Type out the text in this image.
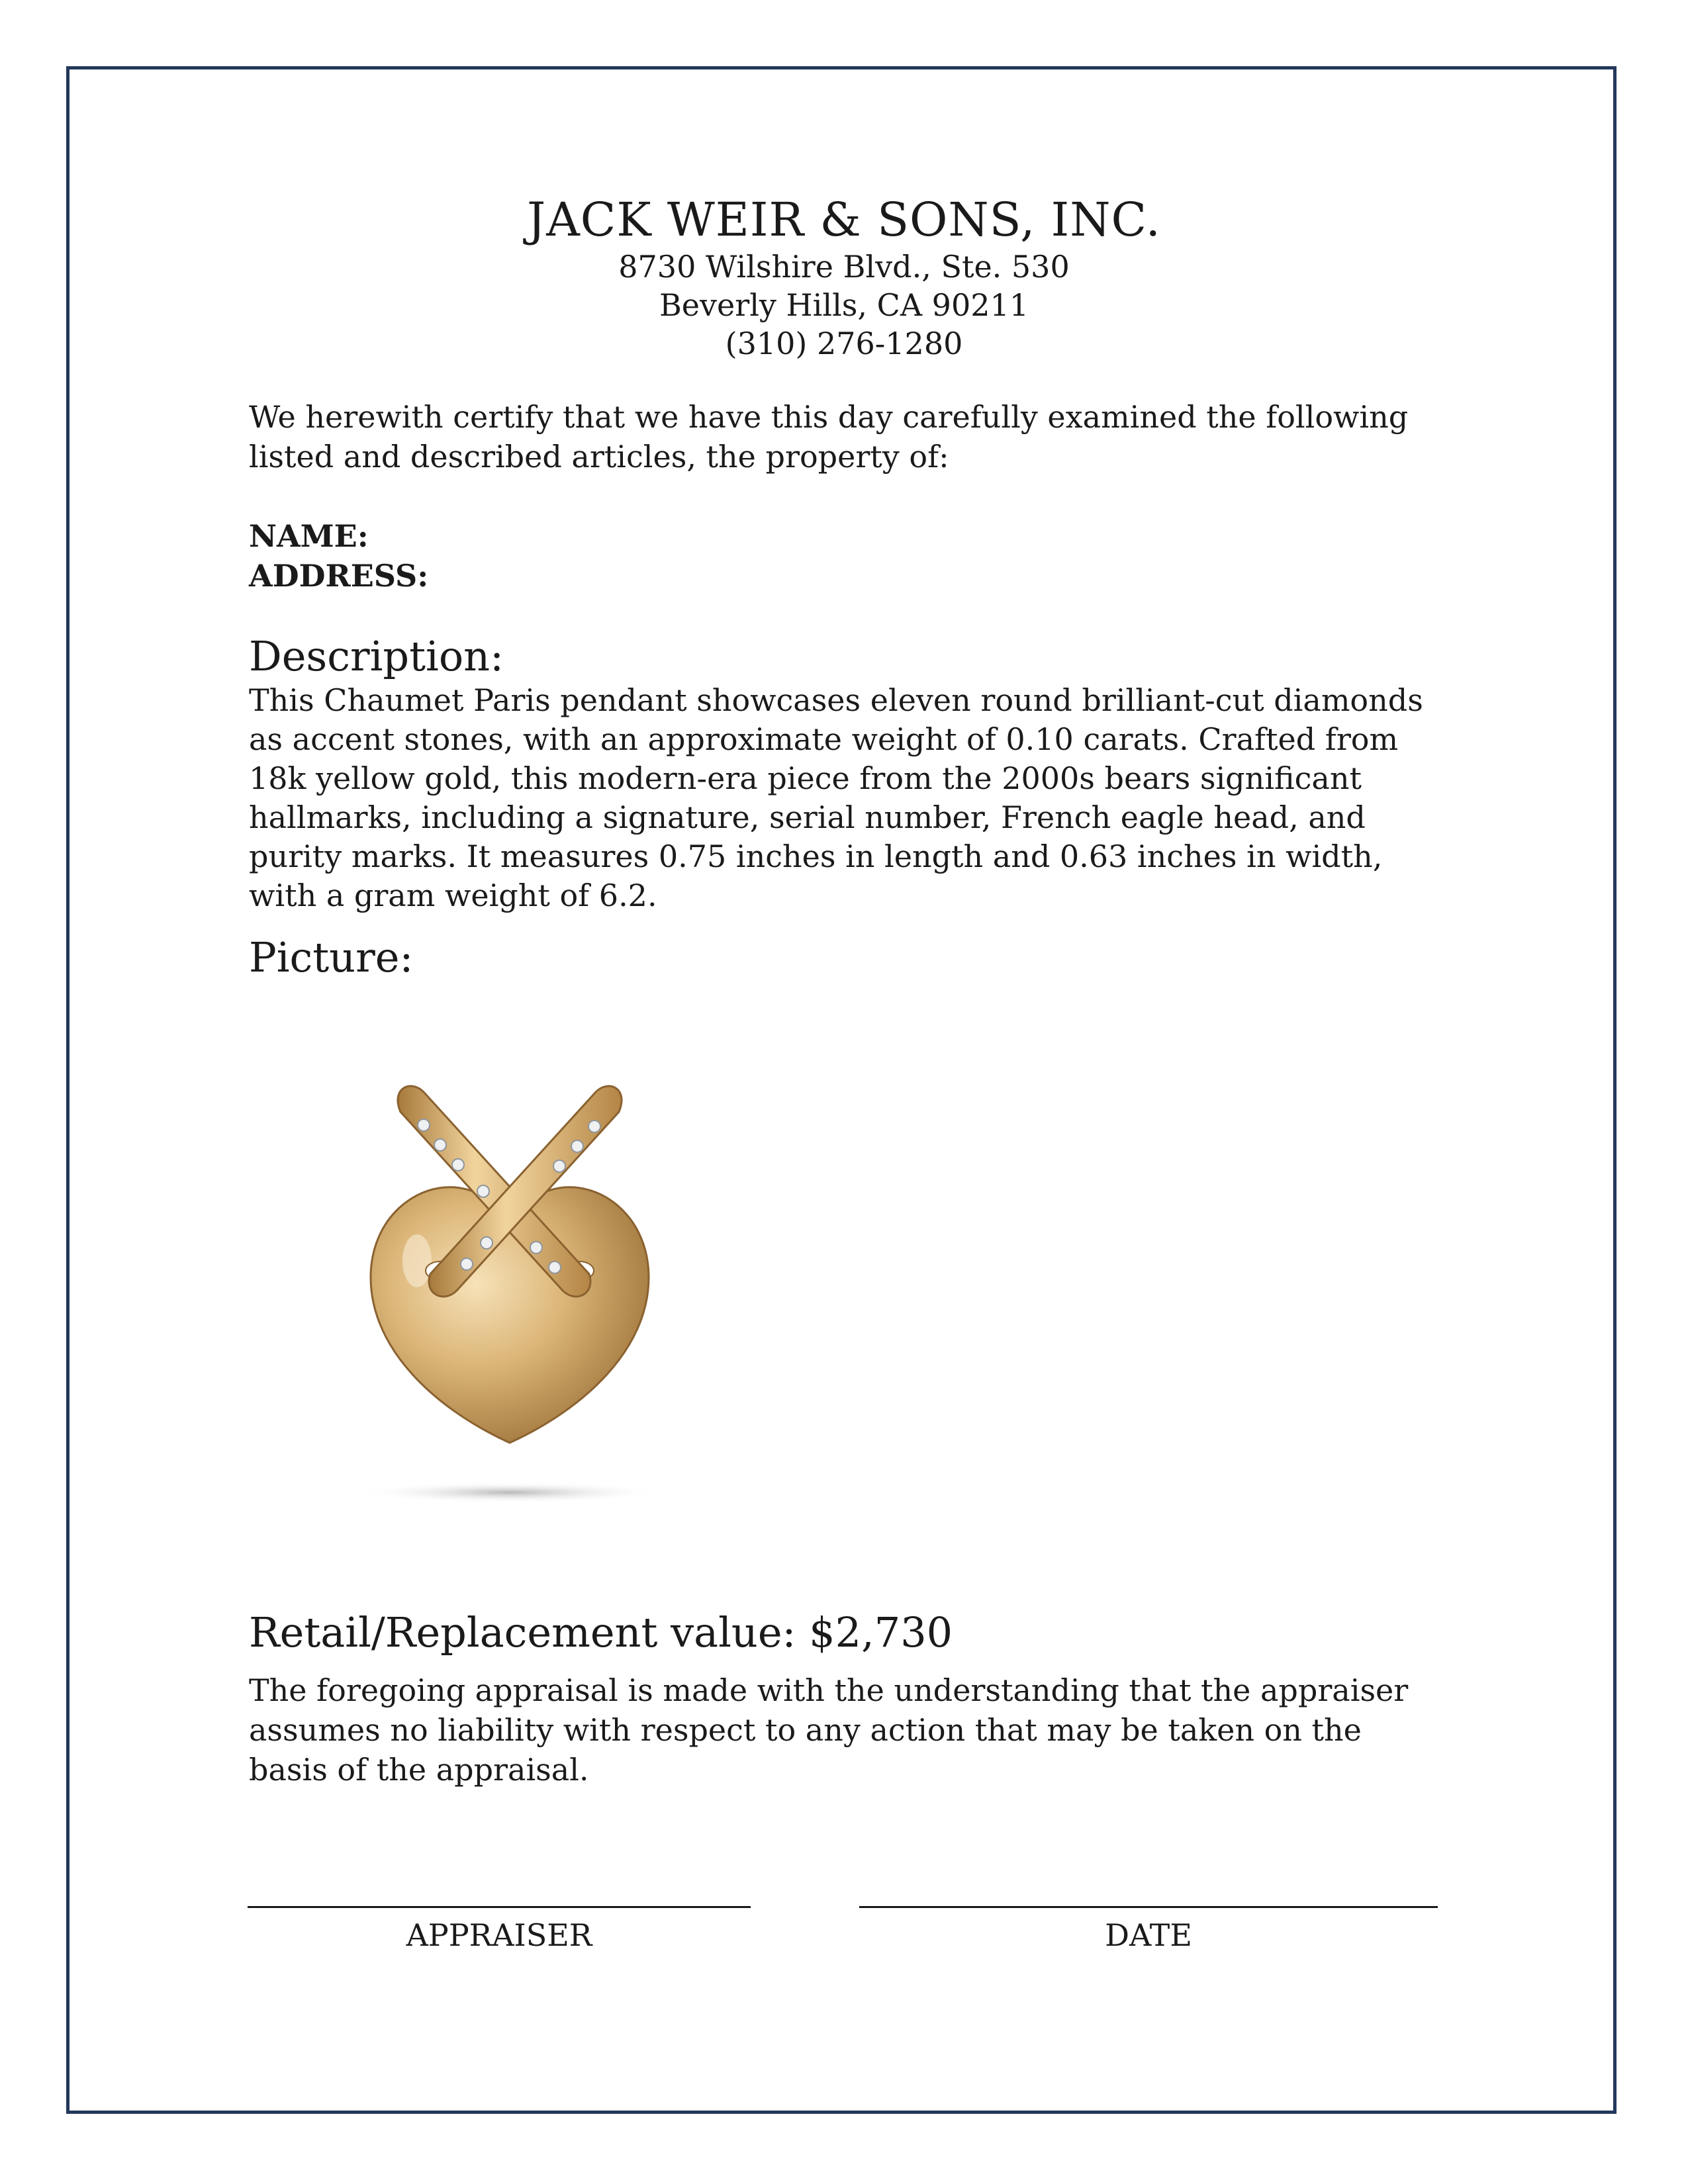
JACK WEIR & SONS, INC.

8730 Wilshire Blvd., Ste. 530

Beverly Hills, CA 90211

(310) 276-1280

We herewith certify that we have this day carefully examined the following listed and described articles, the property of:
NAME:
ADDRESS:

Description:

This Chaumet Paris pendant showcases eleven round brilliant-cut diamonds as accent stones, with an approximate weight of 0.10 carats. Crafted from 18k yellow gold, this modern-era piece from the 2000s bears significant hallmarks, including a signature, serial number, French eagle head, and purity marks. It measures 0.75 inches in length and 0.63 inches in width, with a gram weight of 6.2.

Picture:

Retail/Replacement value: $2,730

The foregoing appraisal is made with the understanding that the appraiser assumes no liability with respect to any action that may be taken on the basis of the appraisal.

APPRAISER	DATE
